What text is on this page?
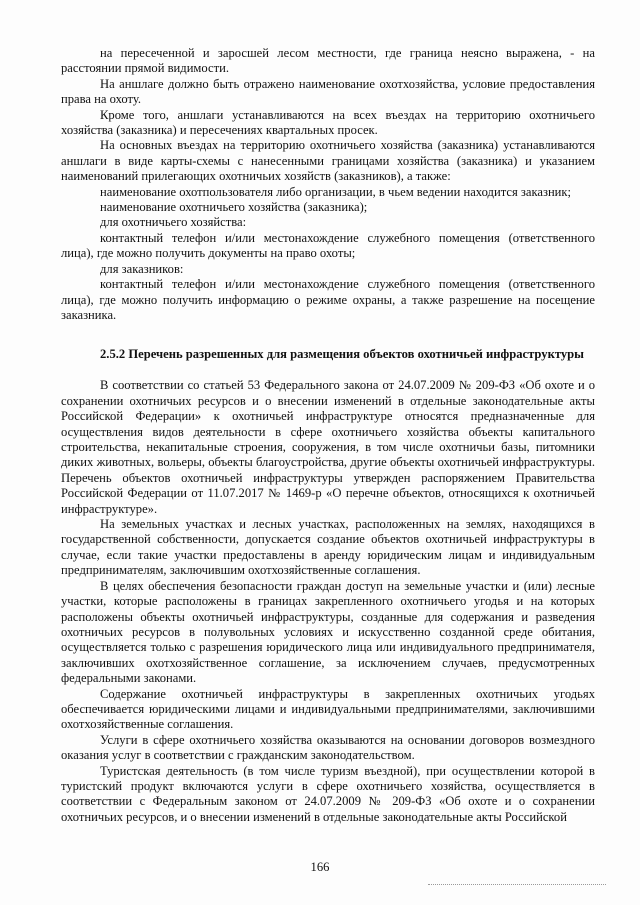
на пересеченной и заросшей лесом местности, где граница неясно выражена, - на расстоянии прямой видимости.

На аншлаге должно быть отражено наименование охотхозяйства, условие предоставления права на охоту.

Кроме того, аншлаги устанавливаются на всех въездах на территорию охотничьего хозяйства (заказника) и пересечениях квартальных просек.

На основных въездах на территорию охотничьего хозяйства (заказника) устанавливаются аншлаги в виде карты-схемы с нанесенными границами хозяйства (заказника) и указанием наименований прилегающих охотничьих хозяйств (заказников), а также:

наименование охотпользователя либо организации, в чьем ведении находится заказник;

наименование охотничьего хозяйства (заказника);

для охотничьего хозяйства:

контактный телефон и/или местонахождение служебного помещения (ответственного лица), где можно получить документы на право охоты;

для заказников:

контактный телефон и/или местонахождение служебного помещения (ответственного лица), где можно получить информацию о режиме охраны, а также разрешение на посещение заказника.

2.5.2 Перечень разрешенных для размещения объектов охотничьей инфраструктуры

В соответствии со статьей 53 Федерального закона от 24.07.2009 № 209-ФЗ «Об охоте и о сохранении охотничьих ресурсов и о внесении изменений в отдельные законодательные акты Российской Федерации» к охотничьей инфраструктуре относятся предназначенные для осуществления видов деятельности в сфере охотничьего хозяйства объекты капитального строительства, некапитальные строения, сооружения, в том числе охотничьи базы, питомники диких животных, вольеры, объекты благоустройства, другие объекты охотничьей инфраструктуры. Перечень объектов охотничьей инфраструктуры утвержден распоряжением Правительства Российской Федерации от 11.07.2017 № 1469-р «О перечне объектов, относящихся к охотничьей инфраструктуре».

На земельных участках и лесных участках, расположенных на землях, находящихся в государственной собственности, допускается создание объектов охотничьей инфраструктуры в случае, если такие участки предоставлены в аренду юридическим лицам и индивидуальным предпринимателям, заключившим охотхозяйственные соглашения.

В целях обеспечения безопасности граждан доступ на земельные участки и (или) лесные участки, которые расположены в границах закрепленного охотничьего угодья и на которых расположены объекты охотничьей инфраструктуры, созданные для содержания и разведения охотничьих ресурсов в полувольных условиях и искусственно созданной среде обитания, осуществляется только с разрешения юридического лица или индивидуального предпринимателя, заключивших охотхозяйственное соглашение, за исключением случаев, предусмотренных федеральными законами.

Содержание охотничьей инфраструктуры в закрепленных охотничьих угодьях обеспечивается юридическими лицами и индивидуальными предпринимателями, заключившими охотхозяйственные соглашения.

Услуги в сфере охотничьего хозяйства оказываются на основании договоров возмездного оказания услуг в соответствии с гражданским законодательством.

Туристская деятельность (в том числе туризм въездной), при осуществлении которой в туристский продукт включаются услуги в сфере охотничьего хозяйства, осуществляется в соответствии с Федеральным законом от 24.07.2009 № 209-ФЗ «Об охоте и о сохранении охотничьих ресурсов, и о внесении изменений в отдельные законодательные акты Российской

166
